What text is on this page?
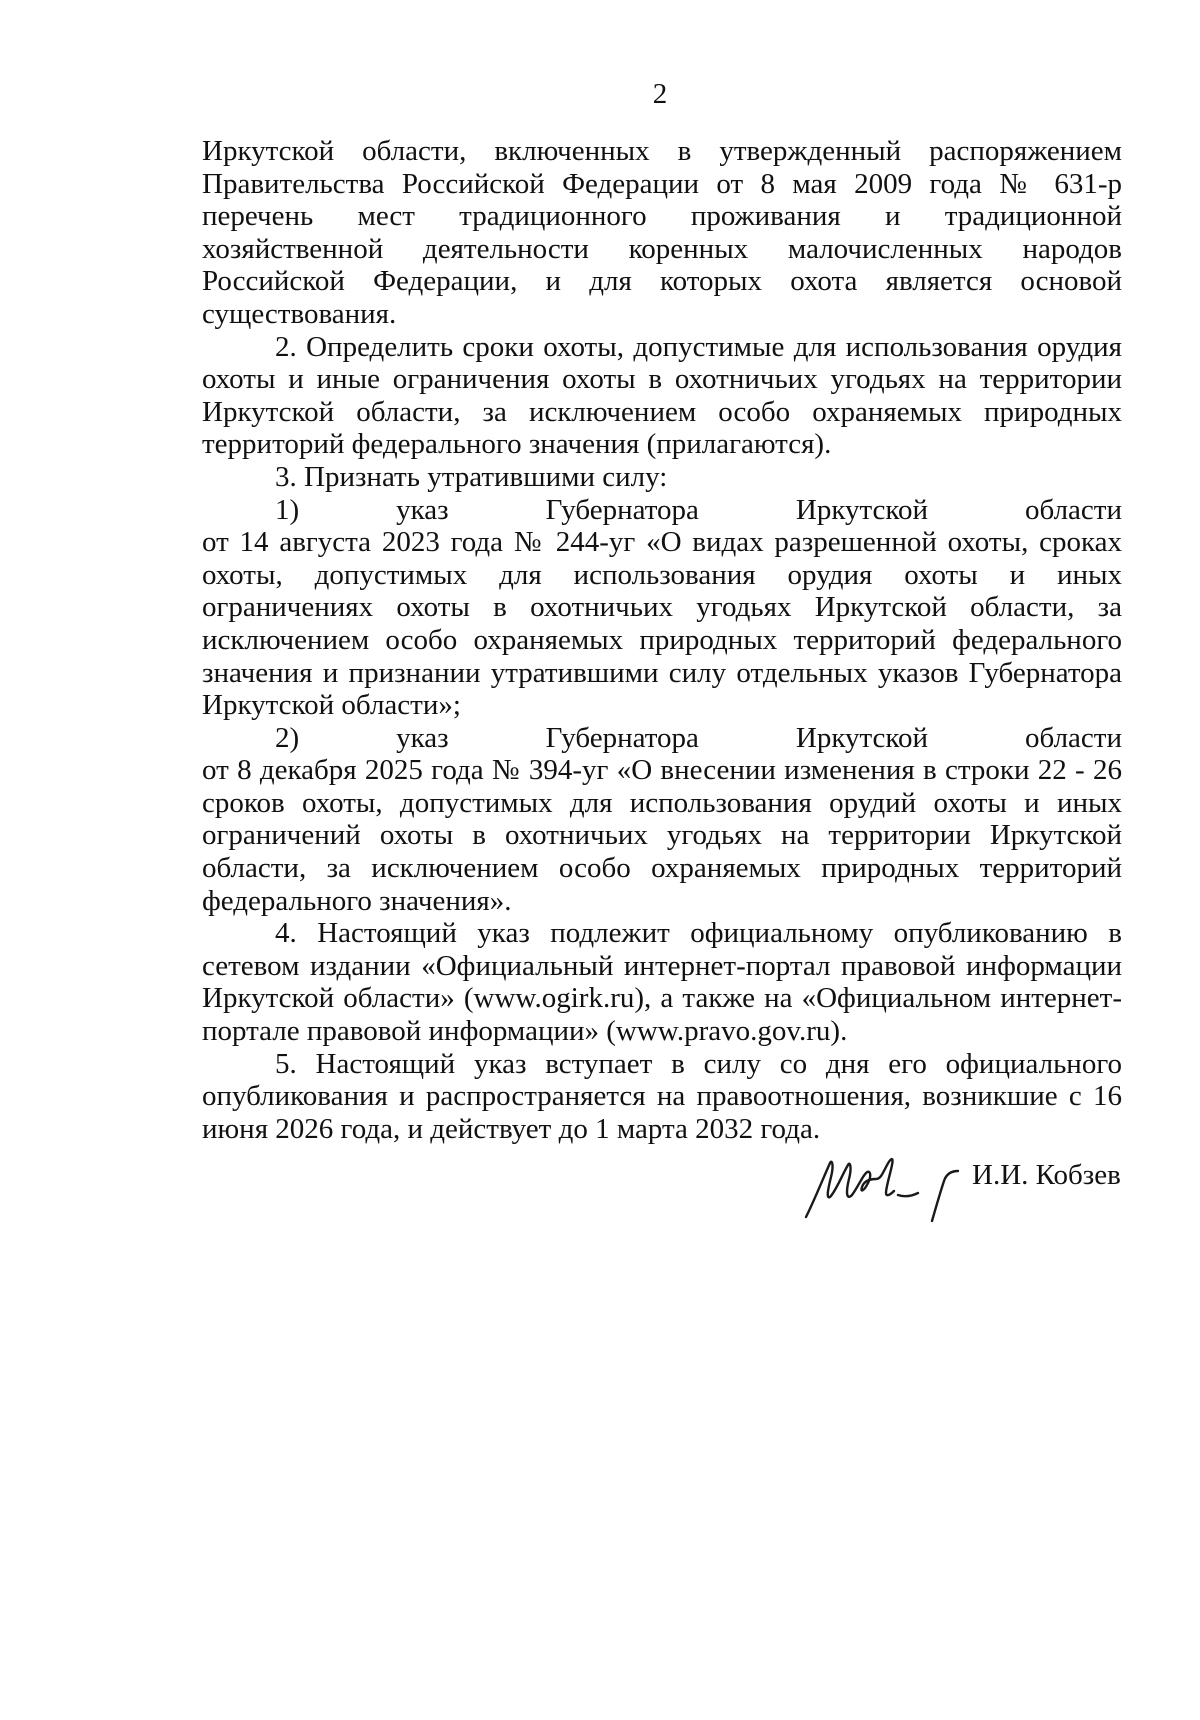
2

Иркутской области, включенных в утвержденный распоряжением Правительства Российской Федерации от 8 мая 2009 года № 631-р перечень мест традиционного проживания и традиционной хозяйственной деятельности коренных малочисленных народов Российской Федерации, и для которых охота является основой существования.

2. Определить сроки охоты, допустимые для использования орудия охоты и иные ограничения охоты в охотничьих угодьях на территории Иркутской области, за исключением особо охраняемых природных территорий федерального значения (прилагаются).

3. Признать утратившими силу:

1)	указ	Губернатора	Иркутской	области

от 14 августа 2023 года № 244-уг «О видах разрешенной охоты, сроках охоты, допустимых для использования орудия охоты и иных ограничениях охоты в охотничьих угодьях Иркутской области, за исключением особо охраняемых природных территорий федерального значения и признании утратившими силу отдельных указов Губернатора Иркутской области»;

2)	указ	Губернатора	Иркутской	области

от 8 декабря 2025 года № 394-уг «О внесении изменения в строки 22 - 26 сроков охоты, допустимых для использования орудий охоты и иных ограничений охоты в охотничьих угодьях на территории Иркутской области, за исключением особо охраняемых природных территорий федерального значения».

4. Настоящий указ подлежит официальному опубликованию в сетевом издании «Официальный интернет-портал правовой информации Иркутской области» (www.ogirk.ru), а также на «Официальном интернет-портале правовой информации» (www.pravo.gov.ru).

5. Настоящий указ вступает в силу со дня его официального опубликования и распространяется на правоотношения, возникшие с 16 июня 2026 года, и действует до 1 марта 2032 года.

И.И. Кобзев
